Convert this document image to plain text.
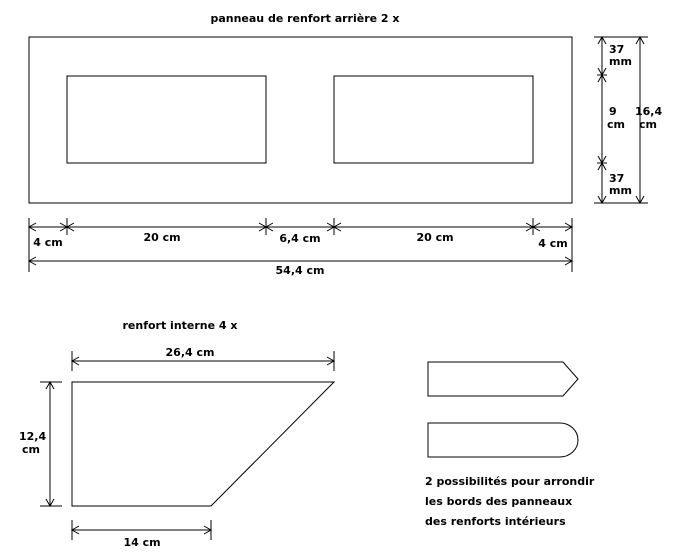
panneau de renfort arrière 2 x
4 cm	20 cm	6,4 cm	20 cm	4 cm
54,4 cm
37
mm
9
cm
37
mm
16,4
cm
renfort interne 4 x
26,4 cm
12,4
cm
14 cm
2 possibilités pour arrondir
les bords des panneaux
des renforts intérieurs
